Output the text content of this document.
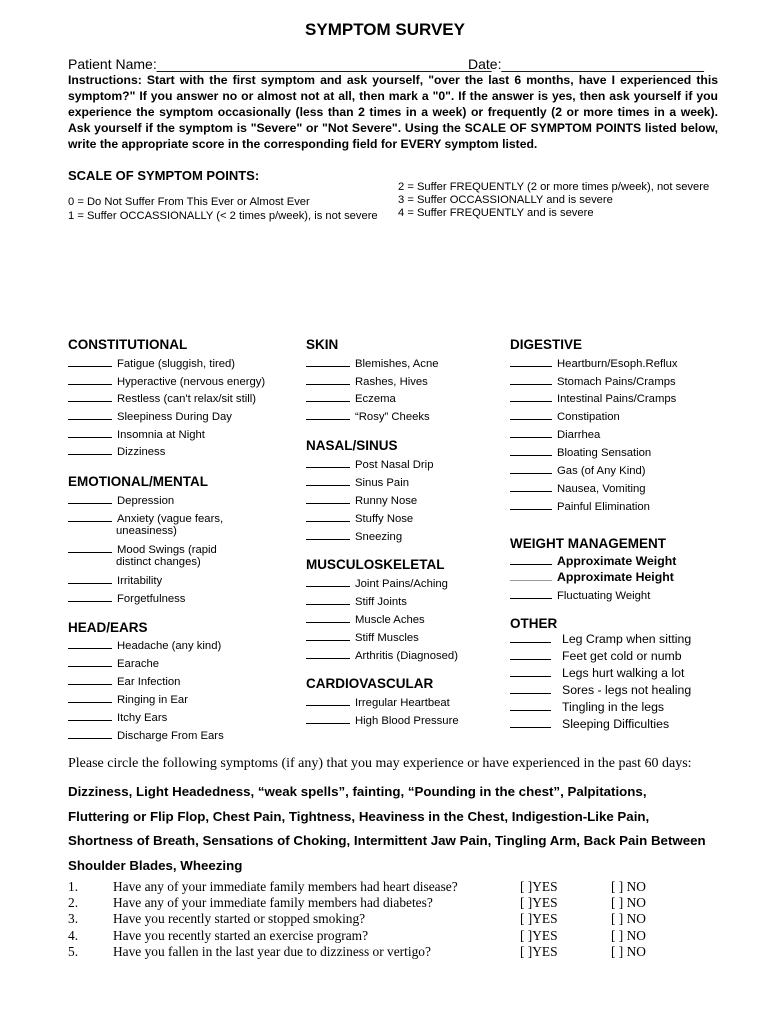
SYMPTOM SURVEY
Patient Name:___________________________________________
Date:__________________________
Instructions: Start with the first symptom and ask yourself, "over the last 6 months, have I experienced this symptom?" If you answer no or almost not at all, then mark a "0". If the answer is yes, then ask yourself if you experience the symptom occasionally (less than 2 times in a week) or frequently (2 or more times in a week). Ask yourself if the symptom is "Severe" or "Not Severe". Using the SCALE OF SYMPTOM POINTS listed below, write the appropriate score in the corresponding field for EVERY symptom listed.
SCALE OF SYMPTOM POINTS:
0 = Do Not Suffer From This Ever or Almost Ever
1 = Suffer OCCASSIONALLY (< 2 times p/week), is not severe
2 = Suffer FREQUENTLY (2 or more times p/week), not severe
3 = Suffer OCCASSIONALLY and is severe
4 = Suffer FREQUENTLY and is severe
CONSTITUTIONAL
Fatigue (sluggish, tired)
Hyperactive (nervous energy)
Restless (can't relax/sit still)
Sleepiness During Day
Insomnia at Night
Dizziness
EMOTIONAL/MENTAL
Depression
Anxiety (vague fears,
uneasiness)
Mood Swings (rapid
distinct changes)
Irritability
Forgetfulness
HEAD/EARS
Headache (any kind)
Earache
Ear Infection
Ringing in Ear
Itchy Ears
Discharge From Ears
SKIN
Blemishes, Acne
Rashes, Hives
Eczema
“Rosy” Cheeks
NASAL/SINUS
Post Nasal Drip
Sinus Pain
Runny Nose
Stuffy Nose
Sneezing
MUSCULOSKELETAL
Joint Pains/Aching
Stiff Joints
Muscle Aches
Stiff Muscles
Arthritis (Diagnosed)
CARDIOVASCULAR
Irregular Heartbeat
High Blood Pressure
DIGESTIVE
Heartburn/Esoph.Reflux
Stomach Pains/Cramps
Intestinal Pains/Cramps
Constipation
Diarrhea
Bloating Sensation
Gas (of Any Kind)
Nausea, Vomiting
Painful Elimination
WEIGHT MANAGEMENT
Approximate Weight
Approximate Height
Fluctuating Weight
OTHER
Leg Cramp when sitting
Feet get cold or numb
Legs hurt walking a lot
Sores - legs not healing
Tingling in the legs
Sleeping Difficulties
Please circle the following symptoms (if any) that you may experience or have experienced in the past 60 days:
Dizziness, Light Headedness, “weak spells”, fainting, “Pounding in the chest”, Palpitations, Fluttering or Flip Flop, Chest Pain, Tightness, Heaviness in the Chest, Indigestion-Like Pain, Shortness of Breath, Sensations of Choking, Intermittent Jaw Pain, Tingling Arm, Back Pain Between Shoulder Blades, Wheezing
1.	Have any of your immediate family members had heart disease?	[ ]YES	[ ] NO
2.	Have any of your immediate family members had diabetes?	[ ]YES	[ ] NO
3.	Have you recently started or stopped smoking?	[ ]YES	[ ] NO
4.	Have you recently started an exercise program?	[ ]YES	[ ] NO
5.	Have you fallen in the last year due to dizziness or vertigo?	[ ]YES	[ ] NO
